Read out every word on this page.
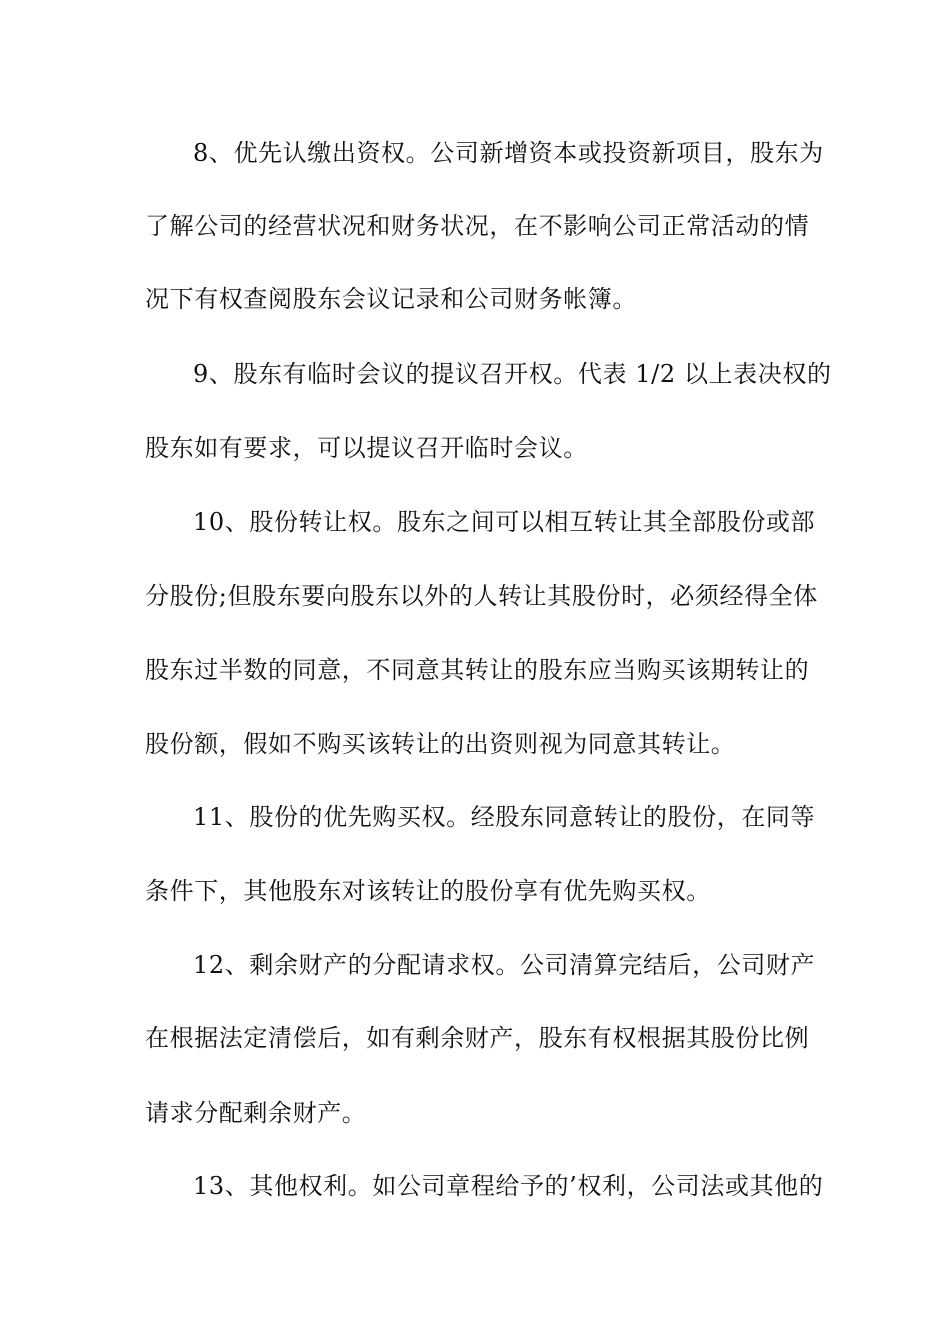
8、优先认缴出资权。公司新增资本或投资新项目，股东为
了解公司的经营状况和财务状况，在不影响公司正常活动的情
况下有权查阅股东会议记录和公司财务帐簿。
9、股东有临时会议的提议召开权。代表 1/2 以上表决权的
股东如有要求，可以提议召开临时会议。
10、股份转让权。股东之间可以相互转让其全部股份或部
分股份;但股东要向股东以外的人转让其股份时，必须经得全体
股东过半数的同意，不同意其转让的股东应当购买该期转让的
股份额，假如不购买该转让的出资则视为同意其转让。
11、股份的优先购买权。经股东同意转让的股份，在同等
条件下，其他股东对该转让的股份享有优先购买权。
12、剩余财产的分配请求权。公司清算完结后，公司财产
在根据法定清偿后，如有剩余财产，股东有权根据其股份比例
请求分配剩余财产。
13、其他权利。如公司章程给予的’权利，公司法或其他的
